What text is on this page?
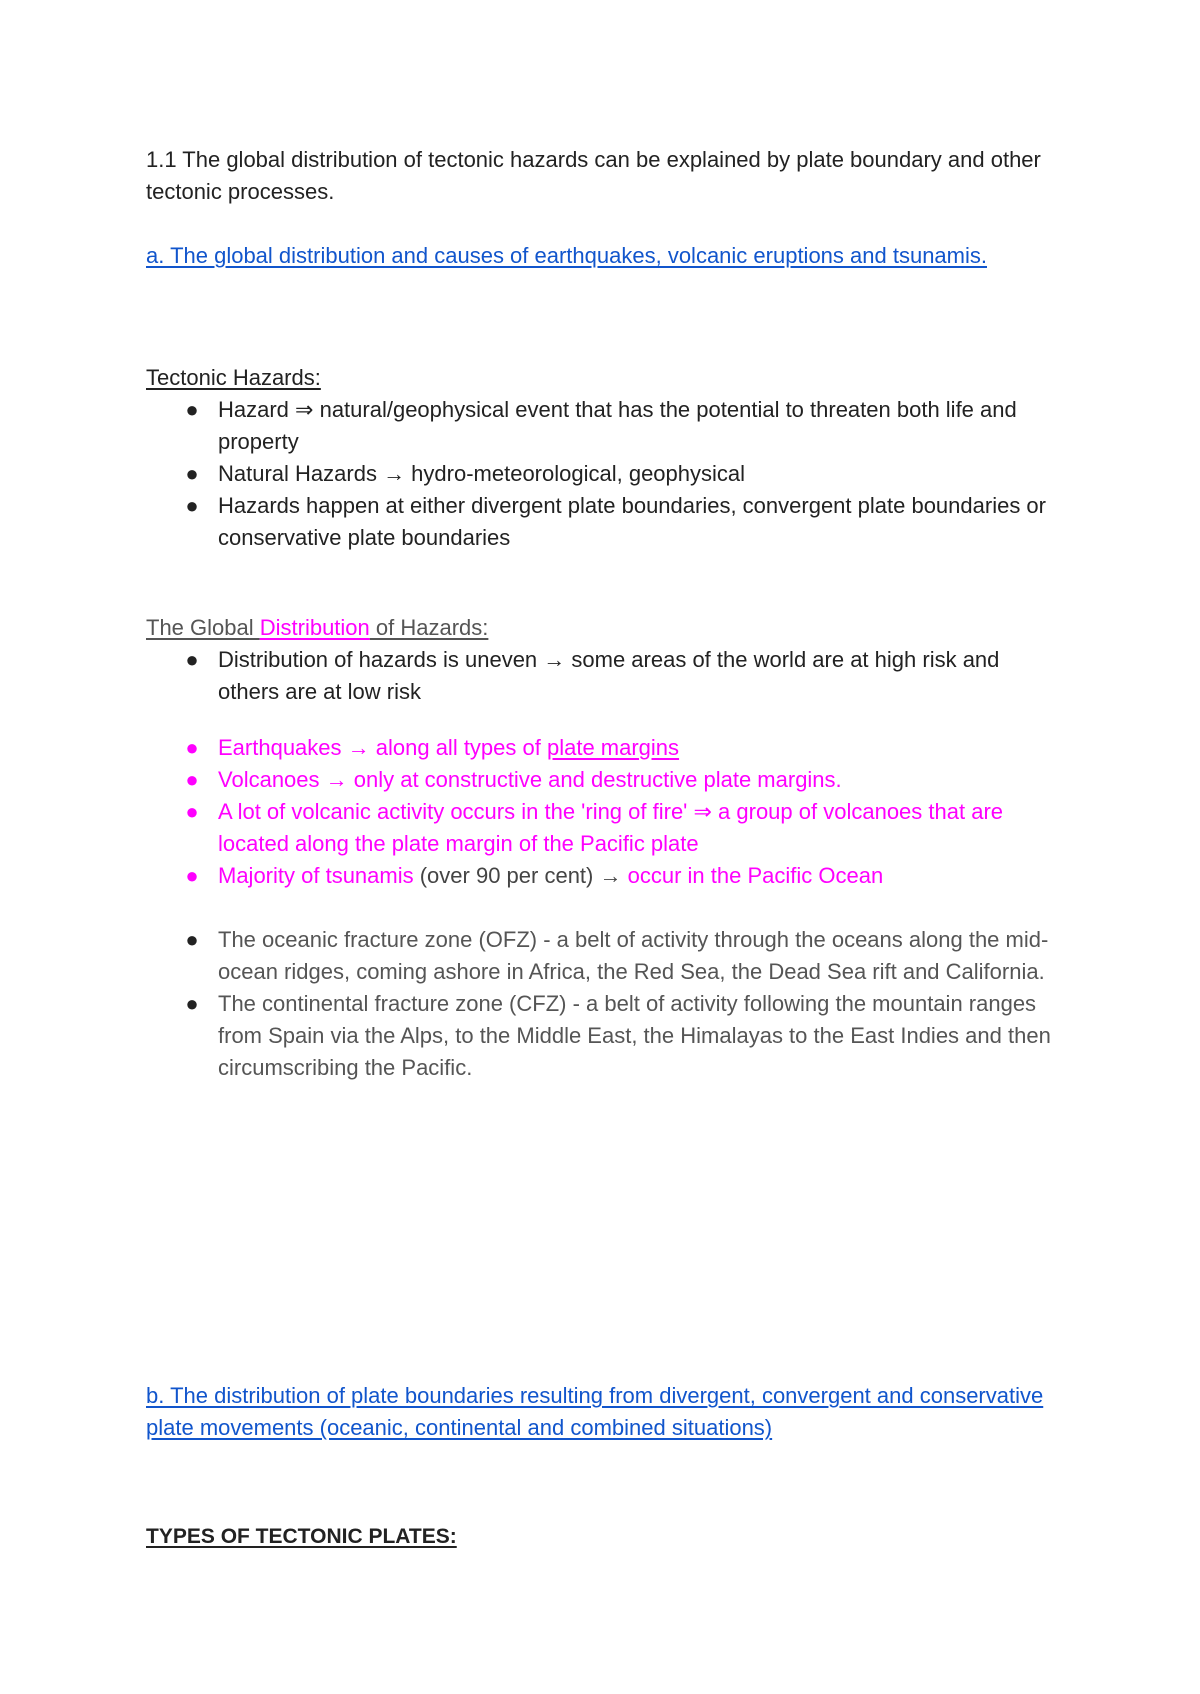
1.1 The global distribution of tectonic hazards can be explained by plate boundary and other tectonic processes.

a. The global distribution and causes of earthquakes, volcanic eruptions and tsunamis.

Tectonic Hazards:

● Hazard ⇒ natural/geophysical event that has the potential to threaten both life and property
● Natural Hazards → hydro-meteorological, geophysical
● Hazards happen at either divergent plate boundaries, convergent plate boundaries or conservative plate boundaries

The Global Distribution of Hazards:

● Distribution of hazards is uneven → some areas of the world are at high risk and others are at low risk
● Earthquakes → along all types of plate margins
● Volcanoes → only at constructive and destructive plate margins.
● A lot of volcanic activity occurs in the 'ring of fire' ⇒ a group of volcanoes that are located along the plate margin of the Pacific plate
● Majority of tsunamis (over 90 per cent) → occur in the Pacific Ocean
● The oceanic fracture zone (OFZ) - a belt of activity through the oceans along the mid-ocean ridges, coming ashore in Africa, the Red Sea, the Dead Sea rift and California.
● The continental fracture zone (CFZ) - a belt of activity following the mountain ranges from Spain via the Alps, to the Middle East, the Himalayas to the East Indies and then circumscribing the Pacific.

b. The distribution of plate boundaries resulting from divergent, convergent and conservative plate movements (oceanic, continental and combined situations)

TYPES OF TECTONIC PLATES:
